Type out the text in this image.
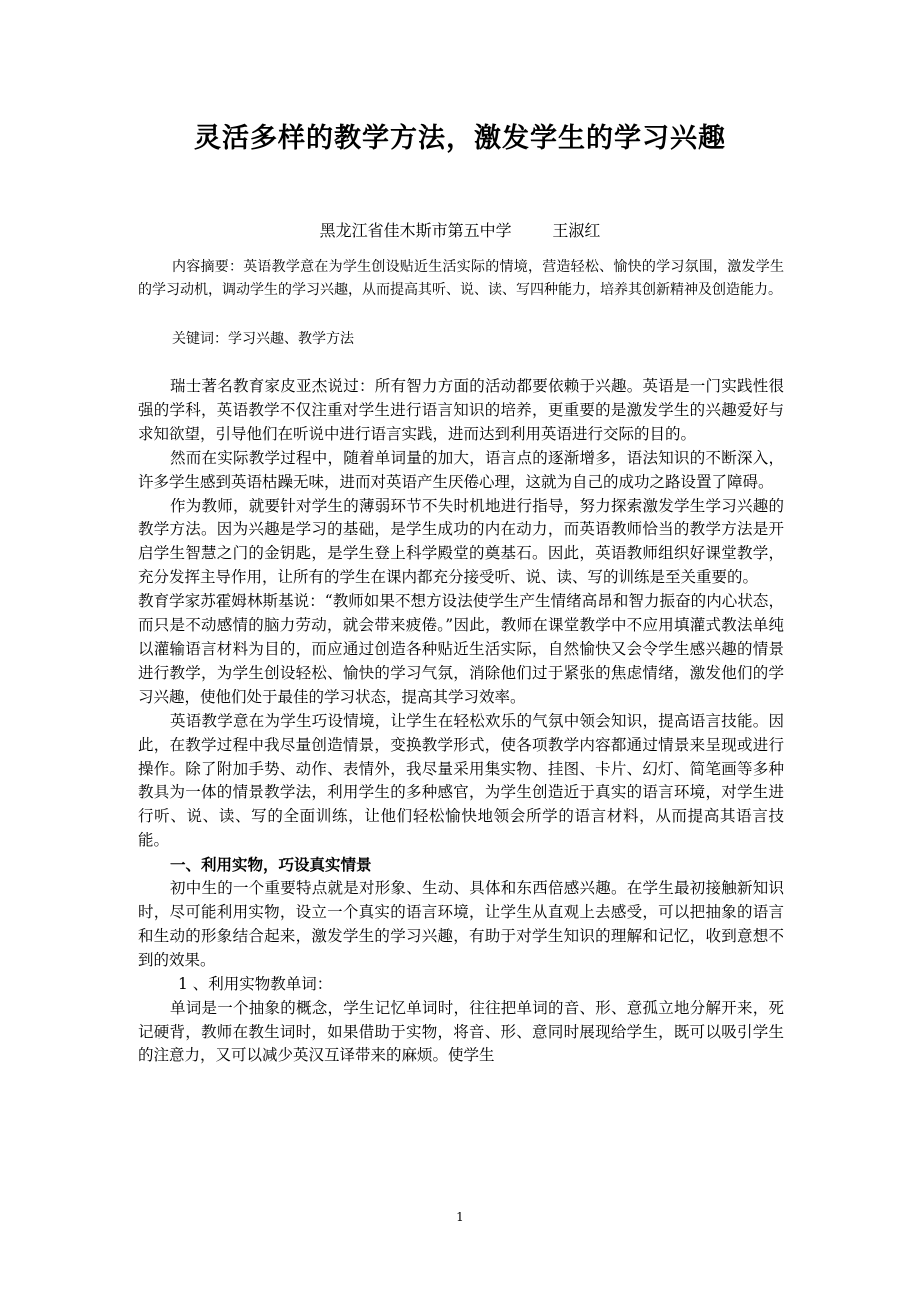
灵活多样的教学方法，激发学生的学习兴趣
黑龙江省佳木斯市第五中学        王淑红

内容摘要：英语教学意在为学生创设贴近生活实际的情境，营造轻松、愉快的学习氛围，激发学生的学习动机，调动学生的学习兴趣，从而提高其听、说、读、写四种能力，培养其创新精神及创造能力。

关键词：学习兴趣、教学方法

瑞士著名教育家皮亚杰说过：所有智力方面的活动都要依赖于兴趣。英语是一门实践性很强的学科，英语教学不仅注重对学生进行语言知识的培养，更重要的是激发学生的兴趣爱好与求知欲望，引导他们在听说中进行语言实践，进而达到利用英语进行交际的目的。

然而在实际教学过程中，随着单词量的加大，语言点的逐渐增多，语法知识的不断深入，许多学生感到英语枯躁无味，进而对英语产生厌倦心理，这就为自己的成功之路设置了障碍。

作为教师，就要针对学生的薄弱环节不失时机地进行指导，努力探索激发学生学习兴趣的教学方法。因为兴趣是学习的基础，是学生成功的内在动力，而英语教师恰当的教学方法是开启学生智慧之门的金钥匙，是学生登上科学殿堂的奠基石。因此，英语教师组织好课堂教学，充分发挥主导作用，让所有的学生在课内都充分接受听、说、读、写的训练是至关重要的。

教育学家苏霍姆林斯基说：“教师如果不想方设法使学生产生情绪高昂和智力振奋的内心状态，而只是不动感情的脑力劳动，就会带来疲倦。”因此，教师在课堂教学中不应用填灌式教法单纯以灌输语言材料为目的，而应通过创造各种贴近生活实际，自然愉快又会令学生感兴趣的情景进行教学，为学生创设轻松、愉快的学习气氛，消除他们过于紧张的焦虑情绪，激发他们的学习兴趣，使他们处于最佳的学习状态，提高其学习效率。

英语教学意在为学生巧设情境，让学生在轻松欢乐的气氛中领会知识，提高语言技能。因此，在教学过程中我尽量创造情景，变换教学形式，使各项教学内容都通过情景来呈现或进行操作。除了附加手势、动作、表情外，我尽量采用集实物、挂图、卡片、幻灯、简笔画等多种教具为一体的情景教学法，利用学生的多种感官，为学生创造近于真实的语言环境，对学生进行听、说、读、写的全面训练，让他们轻松愉快地领会所学的语言材料，从而提高其语言技能。

一、利用实物，巧设真实情景

初中生的一个重要特点就是对形象、生动、具体和东西倍感兴趣。在学生最初接触新知识时，尽可能利用实物，设立一个真实的语言环境，让学生从直观上去感受，可以把抽象的语言和生动的形象结合起来，激发学生的学习兴趣，有助于对学生知识的理解和记忆，收到意想不到的效果。

1 、利用实物教单词：

单词是一个抽象的概念，学生记忆单词时，往往把单词的音、形、意孤立地分解开来，死记硬背，教师在教生词时，如果借助于实物，将音、形、意同时展现给学生，既可以吸引学生的注意力，又可以减少英汉互译带来的麻烦。使学生

1
